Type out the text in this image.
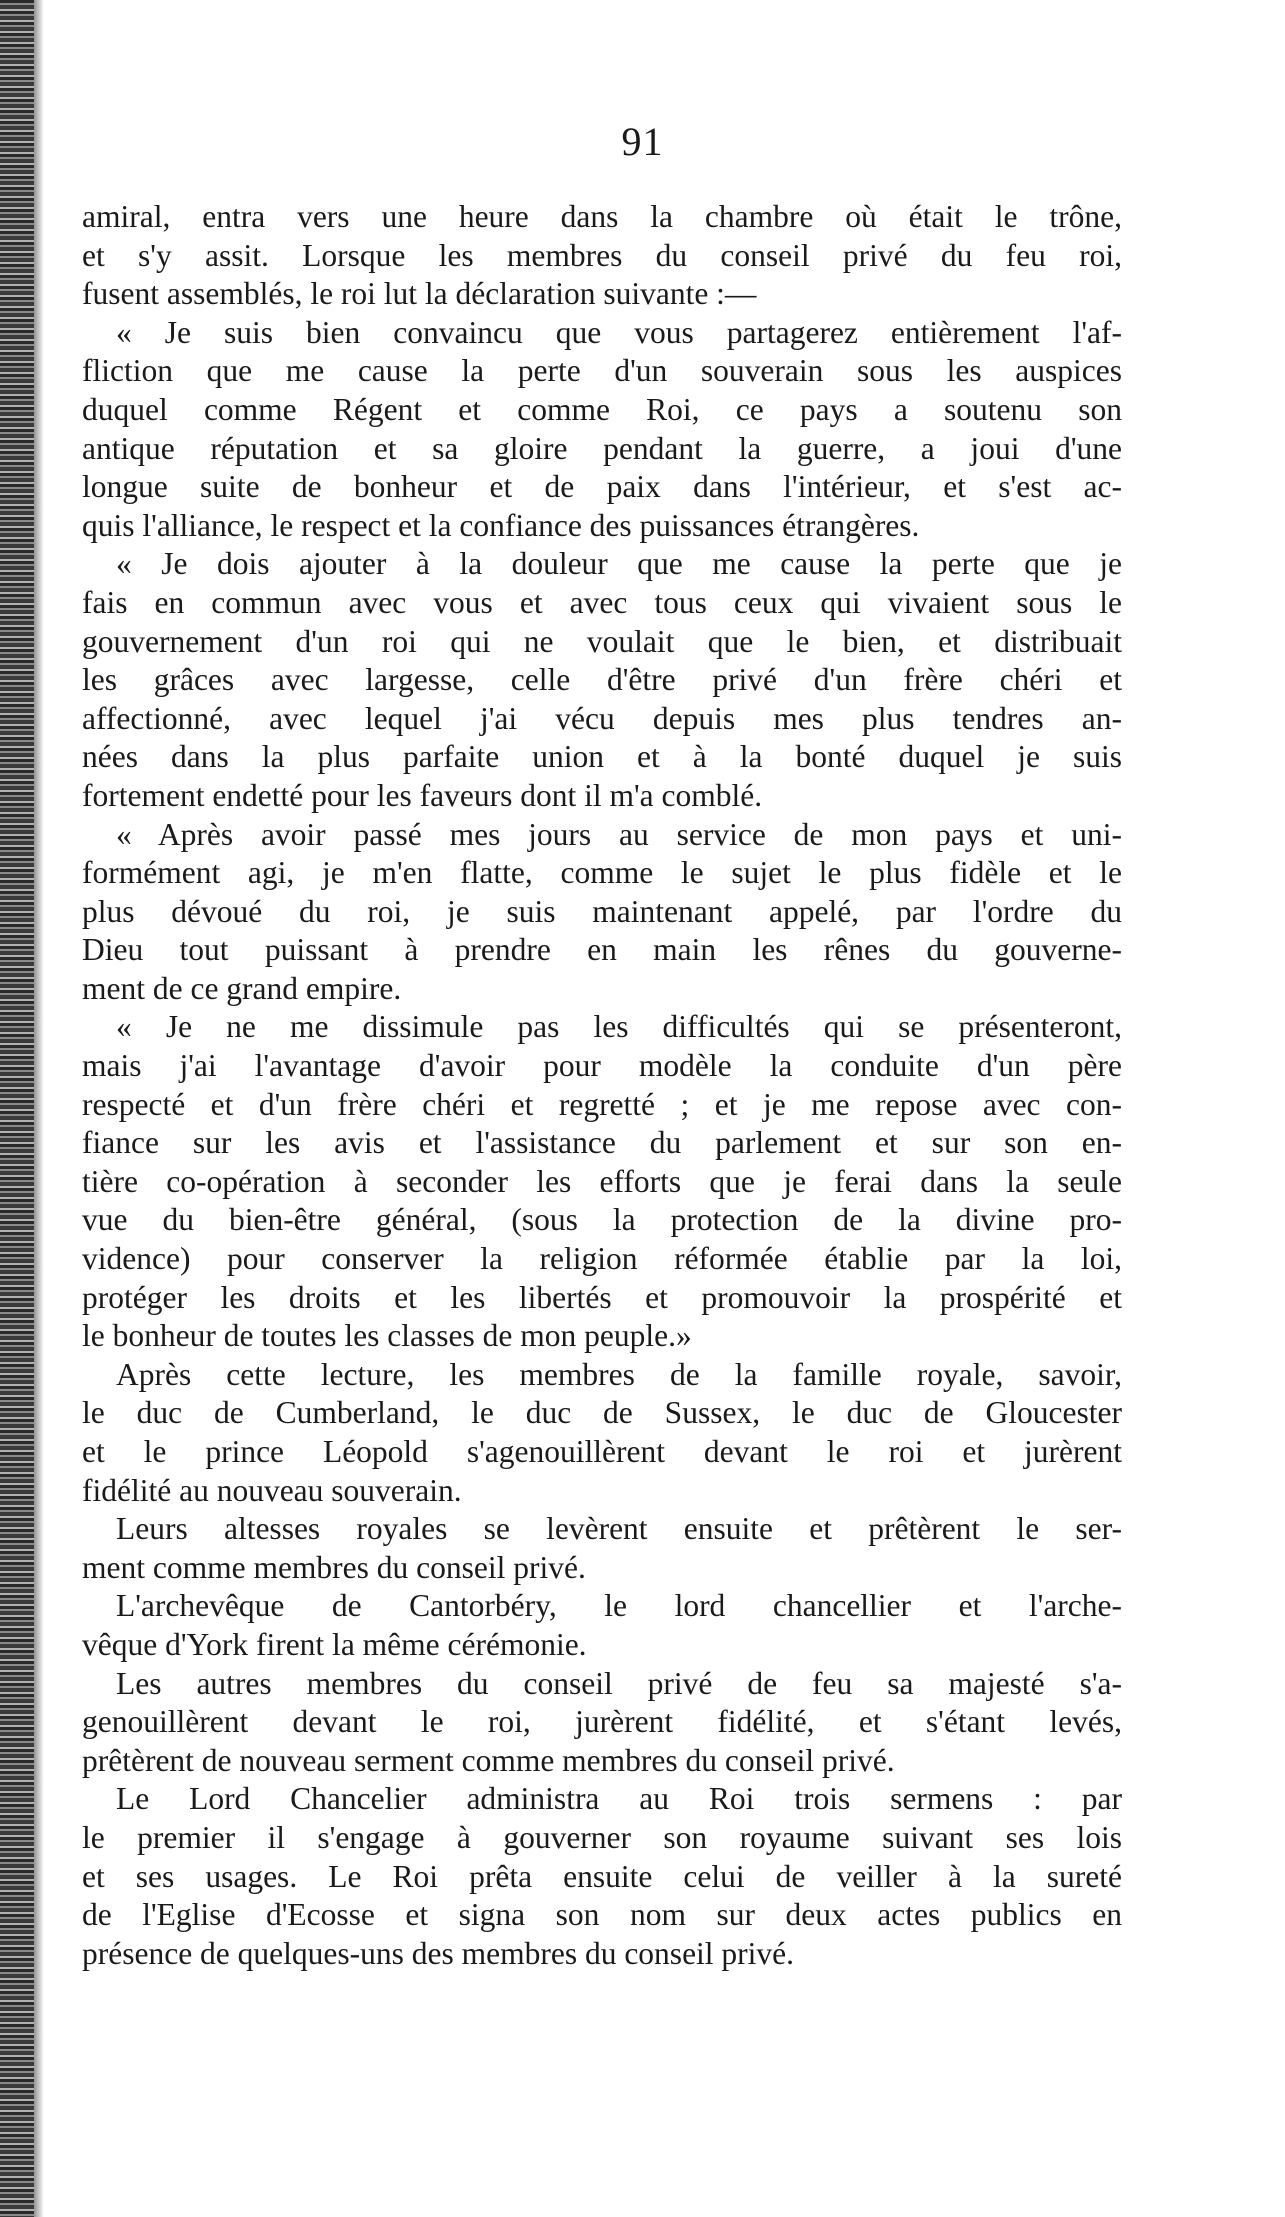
91

amiral, entra vers une heure dans la chambre où était le trône,
et s'y assit. Lorsque les membres du conseil privé du feu roi,
fusent assemblés, le roi lut la déclaration suivante :—

« Je suis bien convaincu que vous partagerez entièrement l'af-
fliction que me cause la perte d'un souverain sous les auspices
duquel comme Régent et comme Roi, ce pays a soutenu son
antique réputation et sa gloire pendant la guerre, a joui d'une
longue suite de bonheur et de paix dans l'intérieur, et s'est ac-
quis l'alliance, le respect et la confiance des puissances étrangères.

« Je dois ajouter à la douleur que me cause la perte que je
fais en commun avec vous et avec tous ceux qui vivaient sous le
gouvernement d'un roi qui ne voulait que le bien, et distribuait
les grâces avec largesse, celle d'être privé d'un frère chéri et
affectionné, avec lequel j'ai vécu depuis mes plus tendres an-
nées dans la plus parfaite union et à la bonté duquel je suis
fortement endetté pour les faveurs dont il m'a comblé.

« Après avoir passé mes jours au service de mon pays et uni-
formément agi, je m'en flatte, comme le sujet le plus fidèle et le
plus dévoué du roi, je suis maintenant appelé, par l'ordre du
Dieu tout puissant à prendre en main les rênes du gouverne-
ment de ce grand empire.

« Je ne me dissimule pas les difficultés qui se présenteront,
mais j'ai l'avantage d'avoir pour modèle la conduite d'un père
respecté et d'un frère chéri et regretté ; et je me repose avec con-
fiance sur les avis et l'assistance du parlement et sur son en-
tière co-opération à seconder les efforts que je ferai dans la seule
vue du bien-être général, (sous la protection de la divine pro-
vidence) pour conserver la religion réformée établie par la loi,
protéger les droits et les libertés et promouvoir la prospérité et
le bonheur de toutes les classes de mon peuple.»

Après cette lecture, les membres de la famille royale, savoir,
le duc de Cumberland, le duc de Sussex, le duc de Gloucester
et le prince Léopold s'agenouillèrent devant le roi et jurèrent
fidélité au nouveau souverain.

Leurs altesses royales se levèrent ensuite et prêtèrent le ser-
ment comme membres du conseil privé.

L'archevêque de Cantorbéry, le lord chancellier et l'arche-
vêque d'York firent la même cérémonie.

Les autres membres du conseil privé de feu sa majesté s'a-
genouillèrent devant le roi, jurèrent fidélité, et s'étant levés,
prêtèrent de nouveau serment comme membres du conseil privé.

Le Lord Chancelier administra au Roi trois sermens : par
le premier il s'engage à gouverner son royaume suivant ses lois
et ses usages. Le Roi prêta ensuite celui de veiller à la sureté
de l'Eglise d'Ecosse et signa son nom sur deux actes publics en
présence de quelques-uns des membres du conseil privé.
